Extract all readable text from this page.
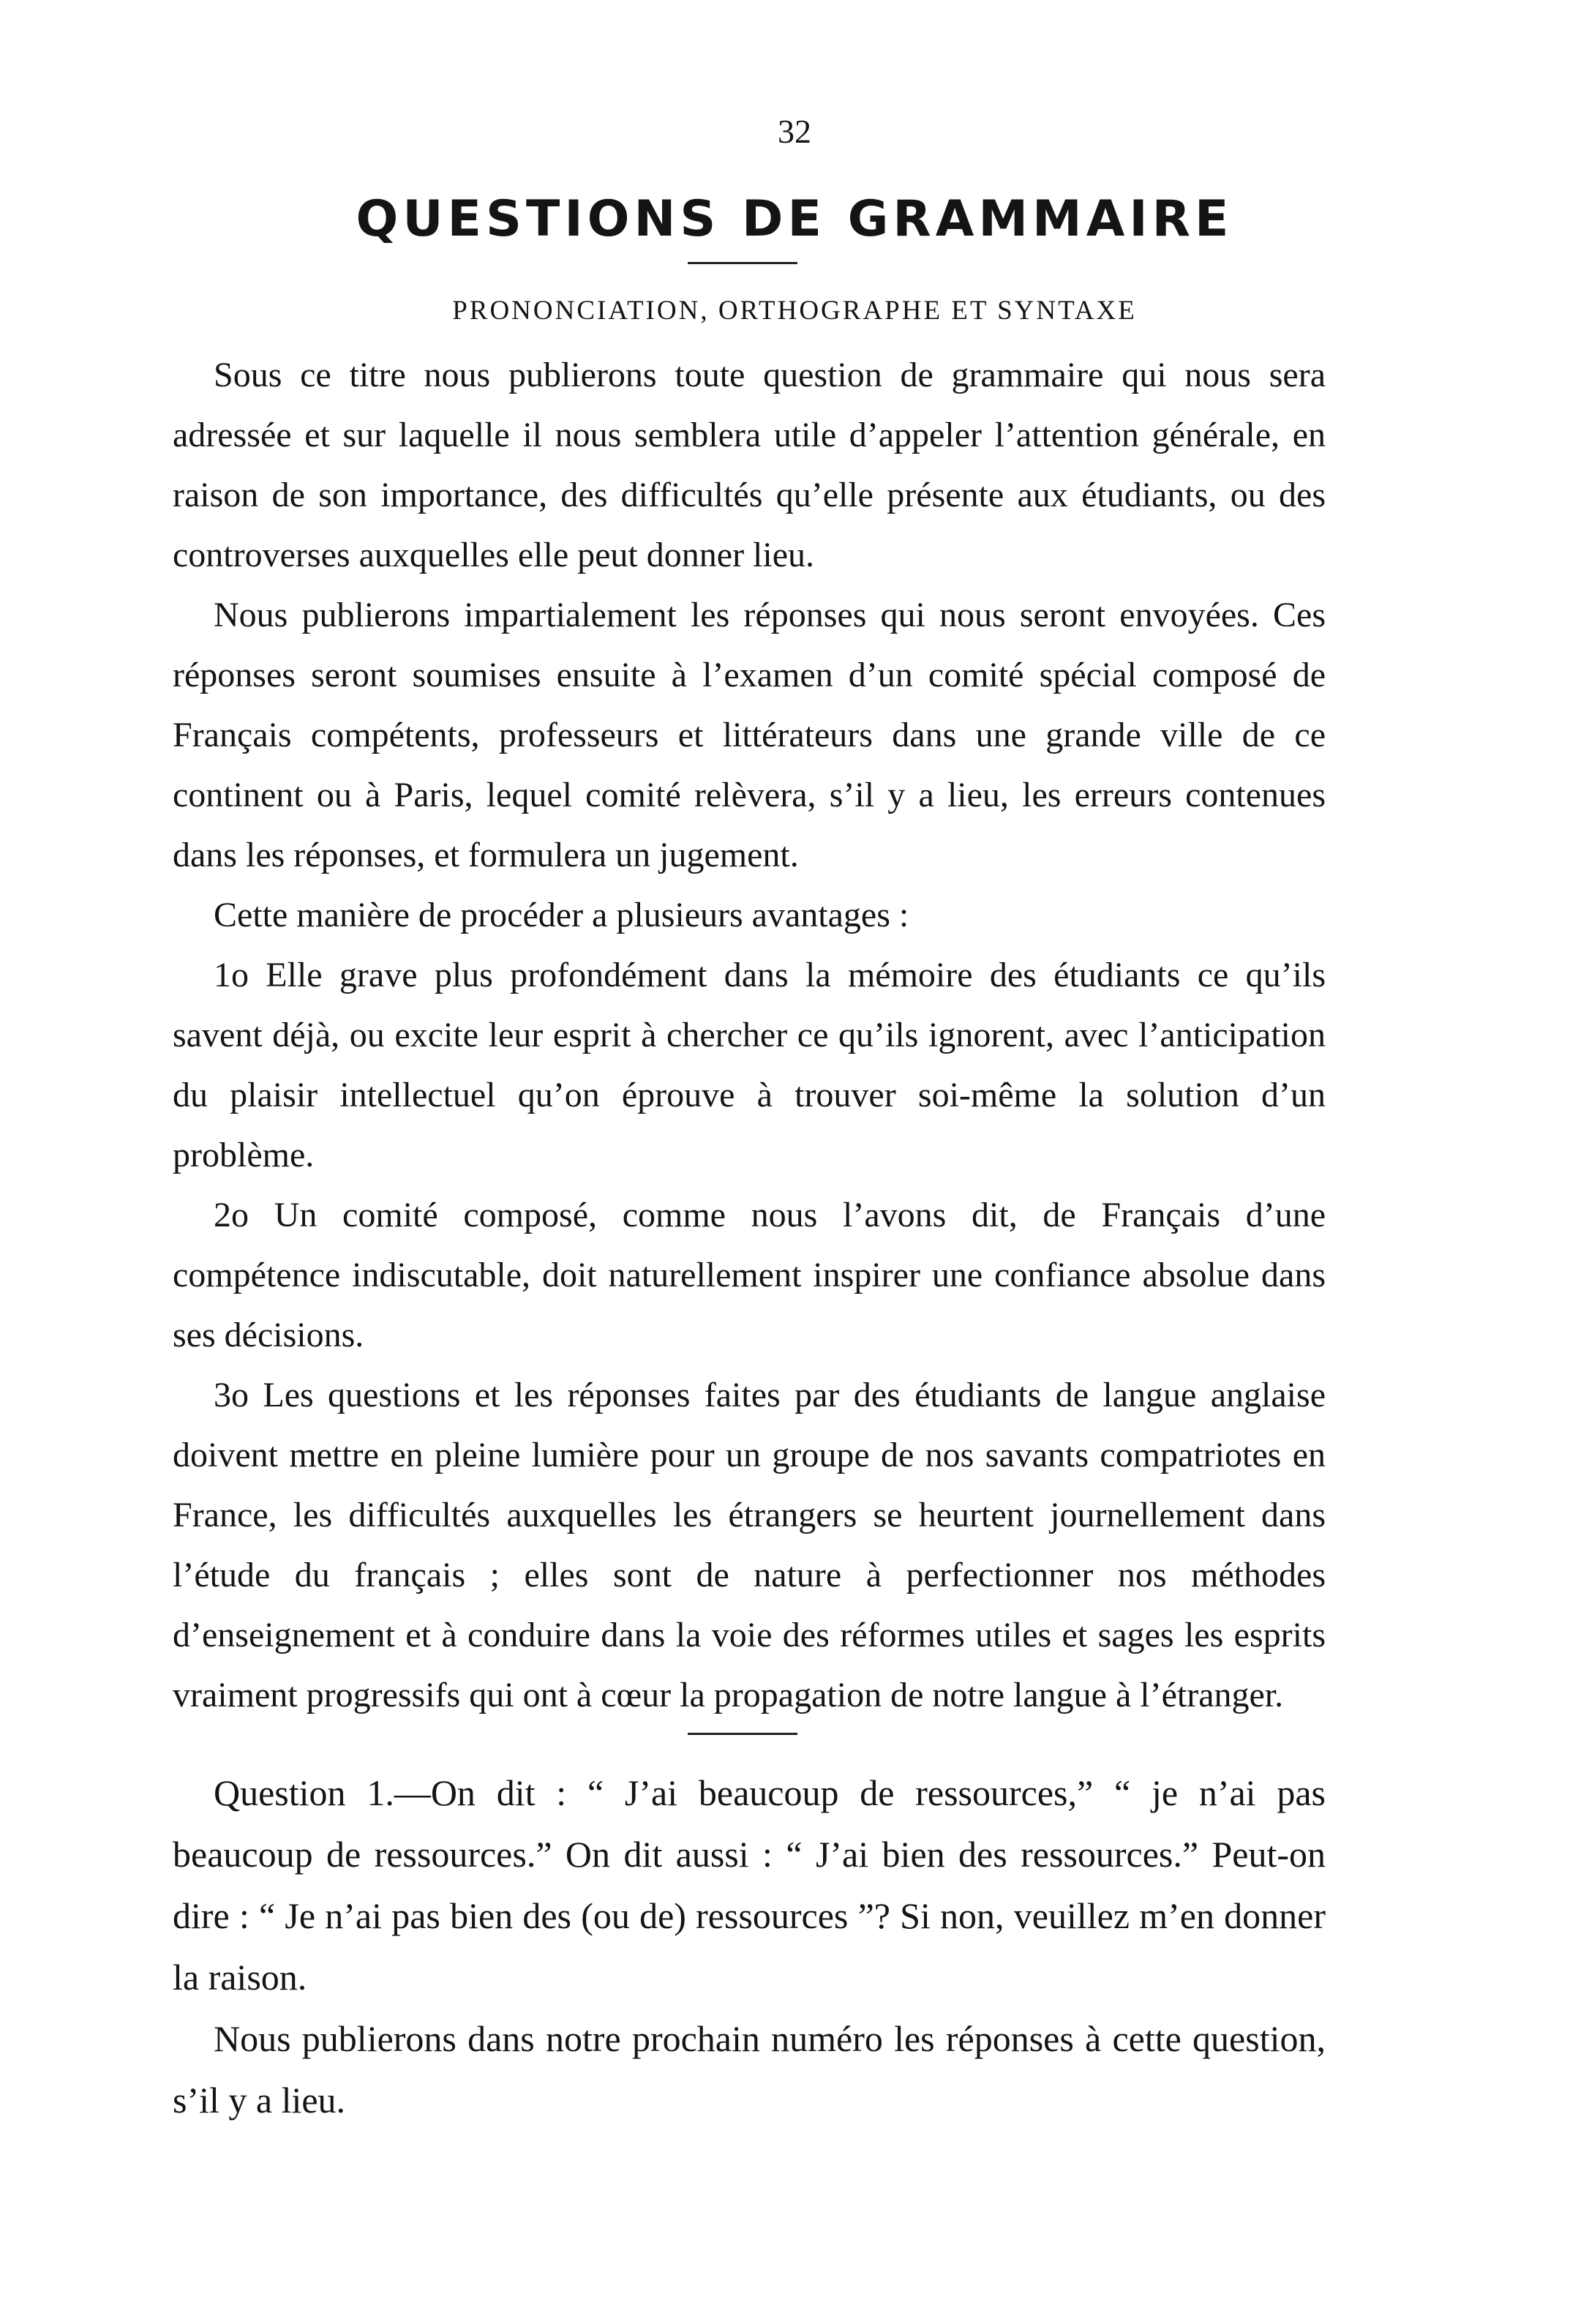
32
QUESTIONS DE GRAMMAIRE
PRONONCIATION, ORTHOGRAPHE ET SYNTAXE

Sous ce titre nous publierons toute question de grammaire qui nous sera adressée et sur laquelle il nous semblera utile d’appeler l’attention générale, en raison de son importance, des difficultés qu’elle présente aux étudiants, ou des controverses auxquelles elle peut donner lieu.

Nous publierons impartialement les réponses qui nous seront envoyées. Ces réponses seront soumises ensuite à l’examen d’un comité spécial composé de Français compétents, professeurs et littérateurs dans une grande ville de ce continent ou à Paris, lequel comité relèvera, s’il y a lieu, les erreurs contenues dans les réponses, et formulera un jugement.

Cette manière de procéder a plusieurs avantages :

1o Elle grave plus profondément dans la mémoire des étudiants ce qu’ils savent déjà, ou excite leur esprit à chercher ce qu’ils ignorent, avec l’anticipation du plaisir intellectuel qu’on éprouve à trouver soi-même la solution d’un problème.

2o Un comité composé, comme nous l’avons dit, de Français d’une compétence indiscutable, doit naturellement inspirer une confiance absolue dans ses décisions.

3o Les questions et les réponses faites par des étudiants de langue anglaise doivent mettre en pleine lumière pour un groupe de nos savants compatriotes en France, les difficultés auxquelles les étrangers se heurtent journellement dans l’étude du français ; elles sont de nature à perfectionner nos méthodes d’enseignement et à conduire dans la voie des réformes utiles et sages les esprits vraiment progressifs qui ont à cœur la propagation de notre langue à l’étranger.

Question 1.—On dit : “ J’ai beaucoup de ressources,” “ je n’ai pas beaucoup de ressources.” On dit aussi : “ J’ai bien des ressources.” Peut-on dire : “ Je n’ai pas bien des (ou de) ressources ”? Si non, veuillez m’en donner la raison.

Nous publierons dans notre prochain numéro les réponses à cette question, s’il y a lieu.
